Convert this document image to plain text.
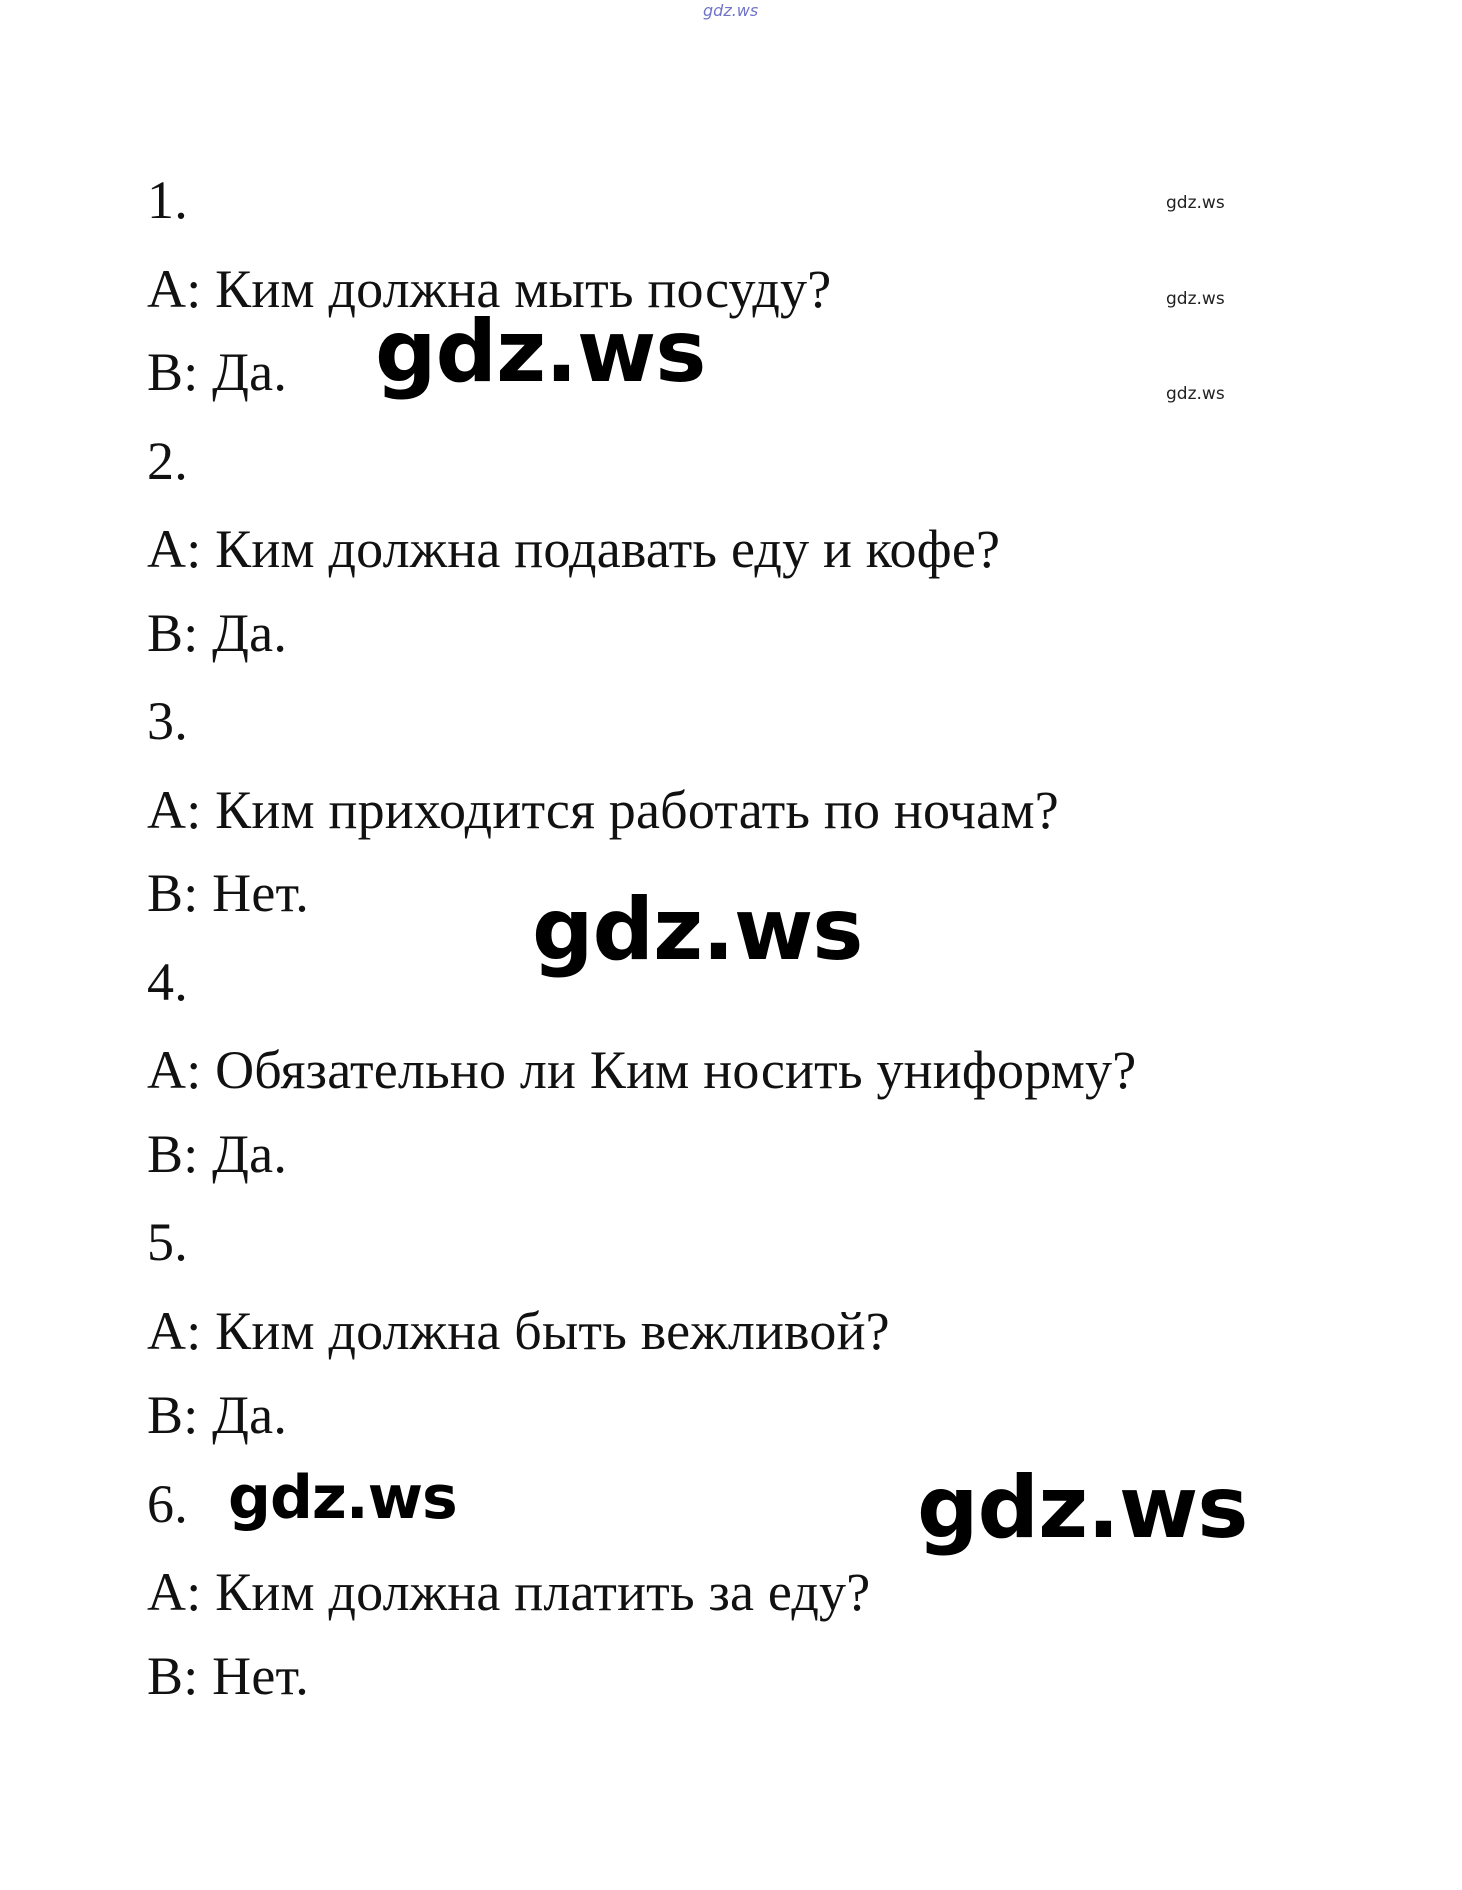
gdz.ws
gdz.ws
gdz.ws
gdz.ws
1.
A: Ким должна мыть посуду?
B: Да.
2.
A: Ким должна подавать еду и кофе?
B: Да.
3.
A: Ким приходится работать по ночам?
B: Нет.
4.
A: Обязательно ли Ким носить униформу?
B: Да.
5.
A: Ким должна быть вежливой?
B: Да.
6.
A: Ким должна платить за еду?
B: Нет.
gdz.ws
gdz.ws
gdz.ws	gdz.ws
